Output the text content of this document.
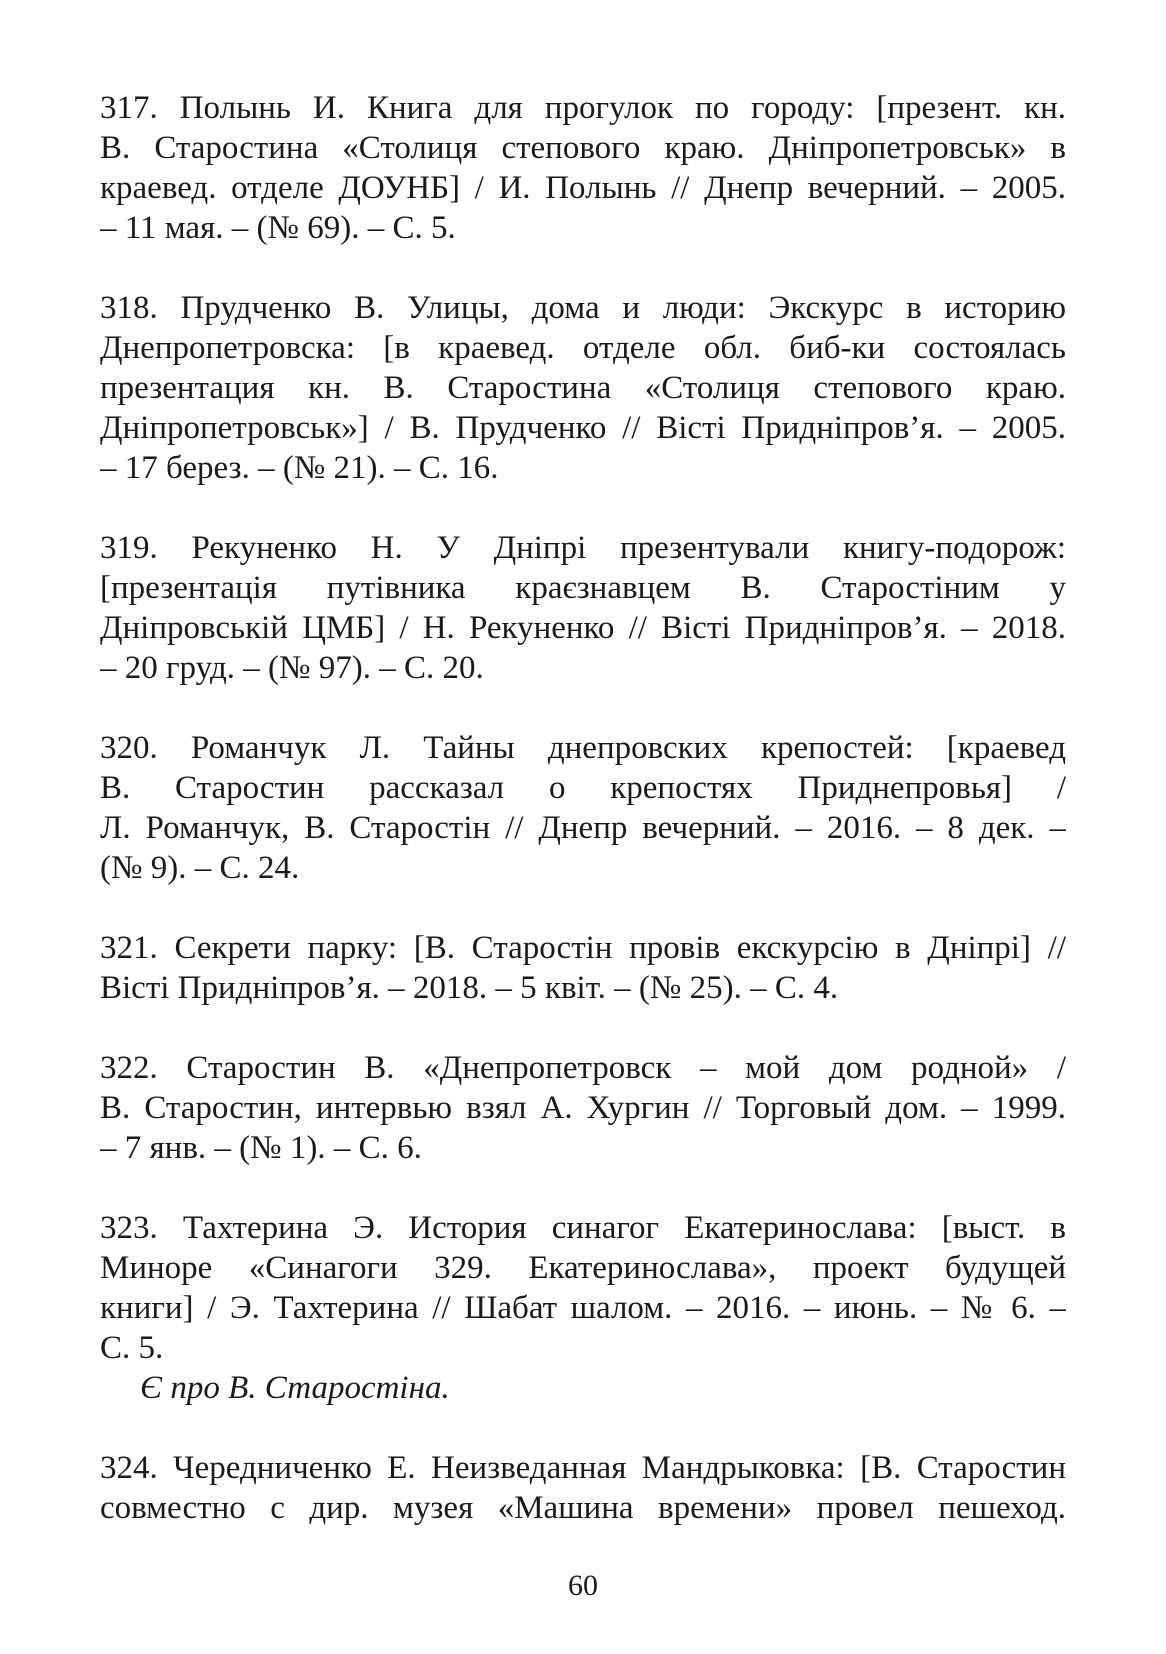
317. Полынь И. Книга для прогулок по городу: [презент. кн.
В. Старостина «Столиця степового краю. Дніпропетровськ» в
краевед. отделе ДОУНБ] / И. Полынь // Днепр вечерний. – 2005.
– 11 мая. – (№ 69). – С. 5.
318. Прудченко В. Улицы, дома и люди: Экскурс в историю
Днепропетровска: [в краевед. отделе обл. биб-ки состоялась
презентация кн. В. Старостина «Столиця степового краю.
Дніпропетровськ»] / В. Прудченко // Вісті Придніпров’я. – 2005.
– 17 берез. – (№ 21). – С. 16.
319. Рекуненко Н. У Дніпрі презентували книгу-подорож:
[презентація путівника краєзнавцем В. Старостіним у
Дніпровській ЦМБ] / Н. Рекуненко // Вісті Придніпров’я. – 2018.
– 20 груд. – (№ 97). – С. 20.
320. Романчук Л. Тайны днепровских крепостей: [краевед
В. Старостин рассказал о крепостях Приднепровья] /
Л. Романчук, В. Старостін // Днепр вечерний. – 2016. – 8 дек. –
(№ 9). – С. 24.
321. Секрети парку: [В. Старостін провів екскурсію в Дніпрі] //
Вісті Придніпров’я. – 2018. – 5 квіт. – (№ 25). – С. 4.
322. Старостин В. «Днепропетровск – мой дом родной» /
В. Старостин, интервью взял А. Хургин // Торговый дом. – 1999.
– 7 янв. – (№ 1). – С. 6.
323. Тахтерина Э. История синагог Екатеринослава: [выст. в
Миноре «Синагоги 329. Екатеринослава», проект будущей
книги] / Э. Тахтерина // Шабат шалом. – 2016. – июнь. – № 6. –
С. 5.
Є про В. Старостіна.
324. Чередниченко Е. Неизведанная Мандрыковка: [В. Старостин
совместно с дир. музея «Машина времени» провел пешеход.
60
